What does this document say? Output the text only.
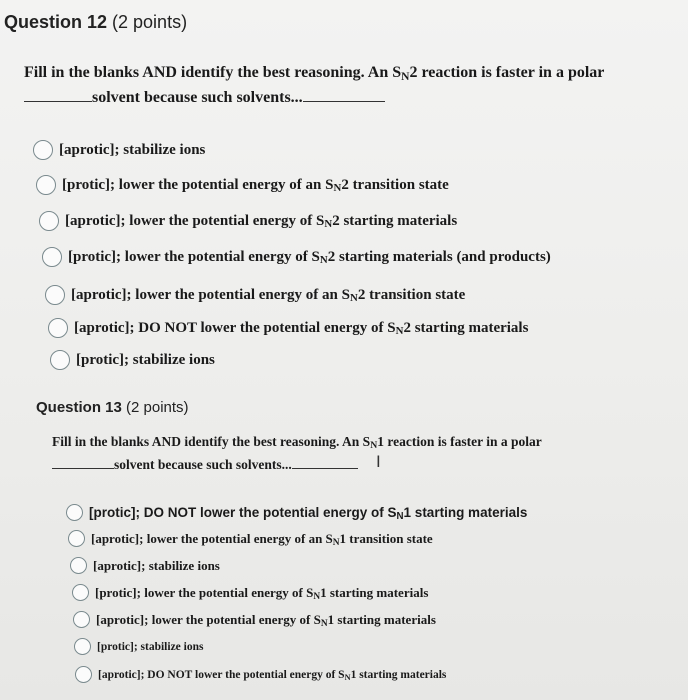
Question 12 (2 points)
Fill in the blanks AND identify the best reasoning. An SN2 reaction is faster in a polar
solvent because such solvents...
[aprotic]; stabilize ions
[protic]; lower the potential energy of an SN2 transition state
[aprotic]; lower the potential energy of SN2 starting materials
[protic]; lower the potential energy of SN2 starting materials (and products)
[aprotic]; lower the potential energy of an SN2 transition state
[aprotic]; DO NOT lower the potential energy of SN2 starting materials
[protic]; stabilize ions
Question 13 (2 points)
Fill in the blanks AND identify the best reasoning. An SN1 reaction is faster in a polar
solvent because such solvents...	I
[protic]; DO NOT lower the potential energy of SN1 starting materials
[aprotic]; lower the potential energy of an SN1 transition state
[aprotic]; stabilize ions
[protic]; lower the potential energy of SN1 starting materials
[aprotic]; lower the potential energy of SN1 starting materials
[protic]; stabilize ions
[aprotic]; DO NOT lower the potential energy of SN1 starting materials
